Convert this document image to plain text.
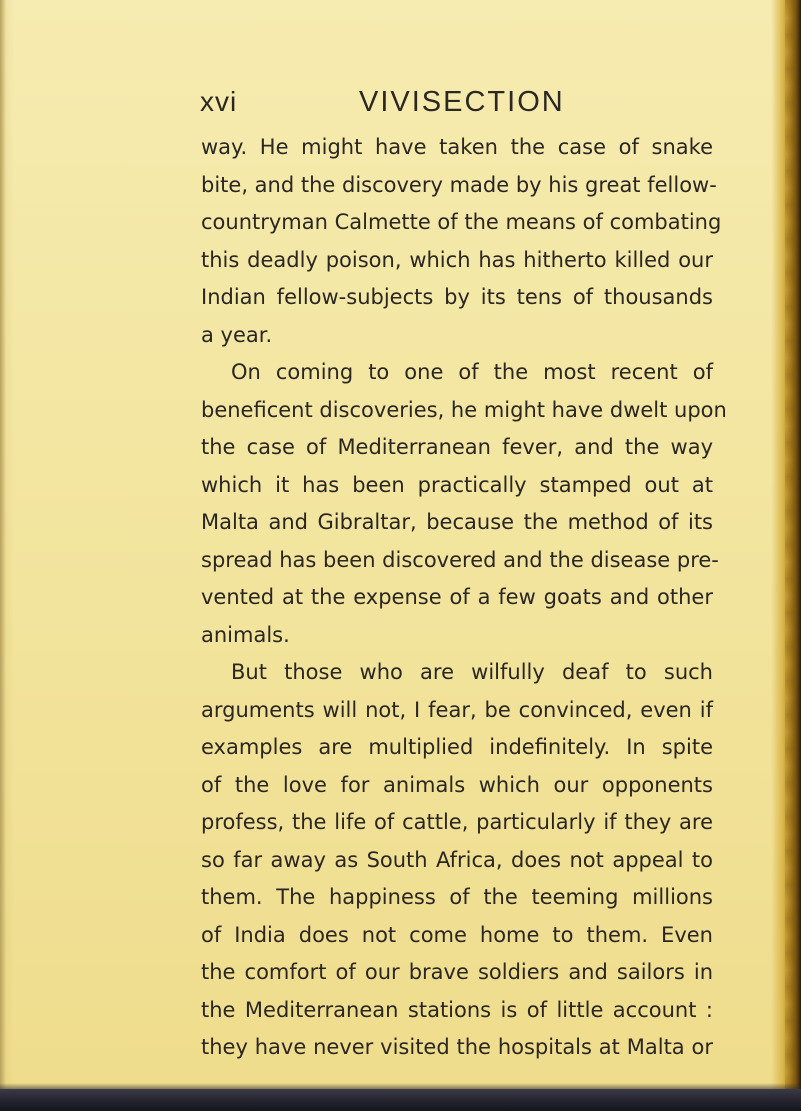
xvi	VIVISECTION
way. He might have taken the case of snake
bite, and the discovery made by his great fellow-
countryman Calmette of the means of combating
this deadly poison, which has hitherto killed our
Indian fellow-subjects by its tens of thousands
a year.
On coming to one of the most recent of
beneficent discoveries, he might have dwelt upon
the case of Mediterranean fever, and the way
which it has been practically stamped out at
Malta and Gibraltar, because the method of its
spread has been discovered and the disease pre-
vented at the expense of a few goats and other
animals.
But those who are wilfully deaf to such
arguments will not, I fear, be convinced, even if
examples are multiplied indefinitely. In spite
of the love for animals which our opponents
profess, the life of cattle, particularly if they are
so far away as South Africa, does not appeal to
them. The happiness of the teeming millions
of India does not come home to them. Even
the comfort of our brave soldiers and sailors in
the Mediterranean stations is of little account :
they have never visited the hospitals at Malta or
